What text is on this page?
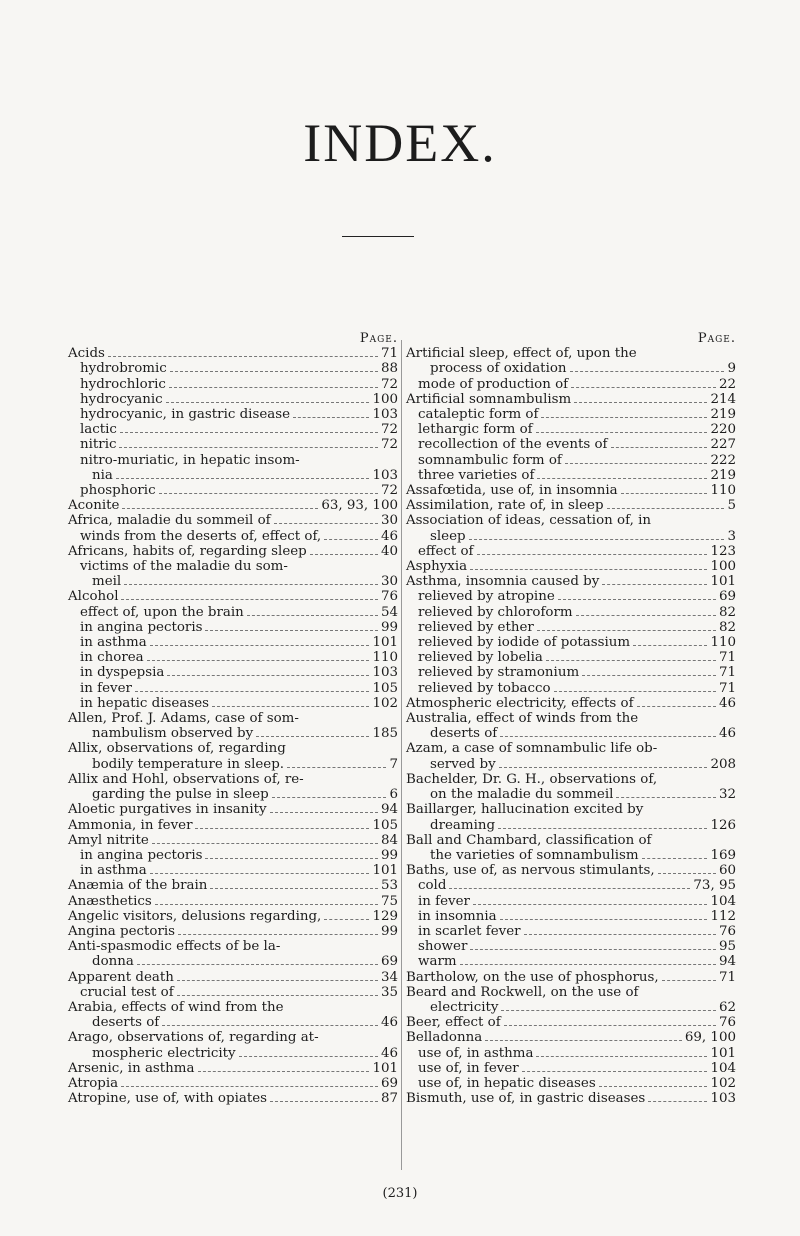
INDEX.
Page.
Acids	71
hydrobromic	88
hydrochloric	72
hydrocyanic	100
hydrocyanic, in gastric disease	103
lactic	72
nitric	72
nitro-muriatic, in hepatic insom-
nia	103
phosphoric	72
Aconite	63, 93, 100
Africa, maladie du sommeil of	30
winds from the deserts of, effect of,	46
Africans, habits of, regarding sleep	40
victims of the maladie du som-
meil	30
Alcohol	76
effect of, upon the brain	54
in angina pectoris	99
in asthma	101
in chorea	110
in dyspepsia	103
in fever	105
in hepatic diseases	102
Allen, Prof. J. Adams, case of som-
nambulism observed by	185
Allix, observations of, regarding
bodily temperature in sleep.	7
Allix and Hohl, observations of, re-
garding the pulse in sleep	6
Aloetic purgatives in insanity	94
Ammonia, in fever	105
Amyl nitrite	84
in angina pectoris	99
in asthma	101
Anæmia of the brain	53
Anæsthetics	75
Angelic visitors, delusions regarding,	129
Angina pectoris	99
Anti-spasmodic effects of be la-
donna	69
Apparent death	34
crucial test of	35
Arabia, effects of wind from the
deserts of	46
Arago, observations of, regarding at-
mospheric electricity	46
Arsenic, in asthma	101
Atropia	69
Atropine, use of, with opiates	87
Page.
Artificial sleep, effect of, upon the
process of oxidation	9
mode of production of	22
Artificial somnambulism	214
cataleptic form of	219
lethargic form of	220
recollection of the events of	227
somnambulic form of	222
three varieties of	219
Assafœtida, use of, in insomnia	110
Assimilation, rate of, in sleep	5
Association of ideas, cessation of, in
sleep	3
effect of	123
Asphyxia	100
Asthma, insomnia caused by	101
relieved by atropine	69
relieved by chloroform	82
relieved by ether	82
relieved by iodide of potassium	110
relieved by lobelia	71
relieved by stramonium	71
relieved by tobacco	71
Atmospheric electricity, effects of	46
Australia, effect of winds from the
deserts of	46
Azam, a case of somnambulic life ob-
served by	208
Bachelder, Dr. G. H., observations of,
on the maladie du sommeil	32
Baillarger, hallucination excited by
dreaming	126
Ball and Chambard, classification of
the varieties of somnambulism	169
Baths, use of, as nervous stimulants,	60
cold	73, 95
in fever	104
in insomnia	112
in scarlet fever	76
shower	95
warm	94
Bartholow, on the use of phosphorus,	71
Beard and Rockwell, on the use of
electricity	62
Beer, effect of	76
Belladonna	69, 100
use of, in asthma	101
use of, in fever	104
use of, in hepatic diseases	102
Bismuth, use of, in gastric diseases	103
(231)
